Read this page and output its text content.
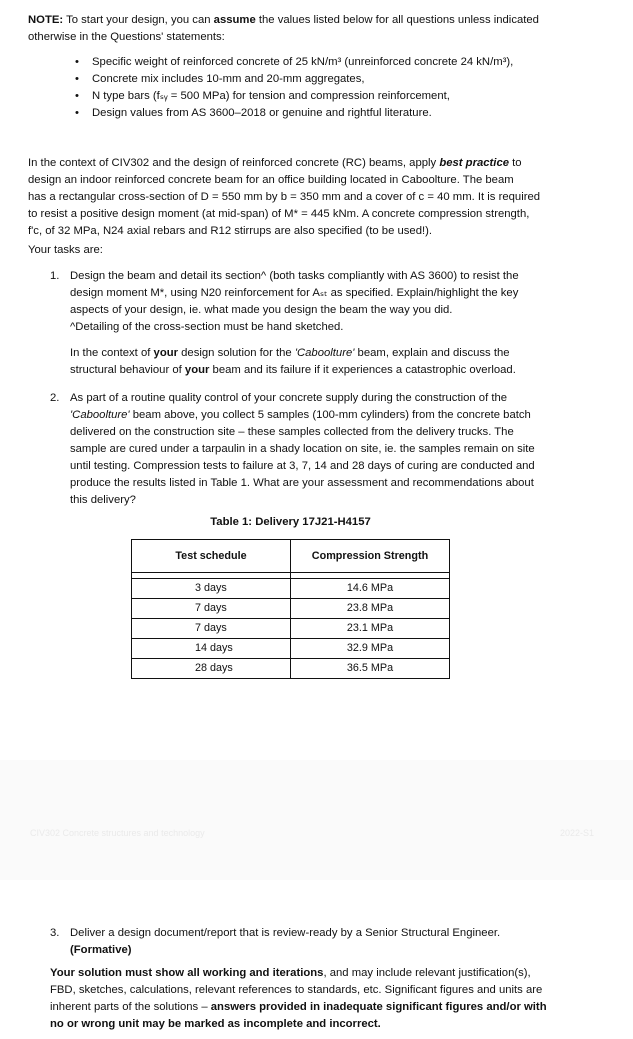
NOTE: To start your design, you can assume the values listed below for all questions unless indicated

otherwise in the Questions' statements:

• Specific weight of reinforced concrete of 25 kN/m³ (unreinforced concrete 24 kN/m³),
• Concrete mix includes 10-mm and 20-mm aggregates,
• N type bars (fₛᵧ = 500 MPa) for tension and compression reinforcement,
• Design values from AS 3600–2018 or genuine and rightful literature.

In the context of CIV302 and the design of reinforced concrete (RC) beams, apply best practice to

design an indoor reinforced concrete beam for an office building located in Caboolture. The beam

has a rectangular cross-section of D = 550 mm by b = 350 mm and a cover of c = 40 mm. It is required

to resist a positive design moment (at mid-span) of M* = 445 kNm. A concrete compression strength,

f'c, of 32 MPa, N24 axial rebars and R12 stirrups are also specified (to be used!).

Your tasks are:

1. Design the beam and detail its section^ (both tasks compliantly with AS 3600) to resist the

design moment M*, using N20 reinforcement for Aₛₜ as specified. Explain/highlight the key

aspects of your design, ie. what made you design the beam the way you did.

^Detailing of the cross-section must be hand sketched.

In the context of your design solution for the 'Caboolture' beam, explain and discuss the

structural behaviour of your beam and its failure if it experiences a catastrophic overload.

2. As part of a routine quality control of your concrete supply during the construction of the

'Caboolture' beam above, you collect 5 samples (100-mm cylinders) from the concrete batch

delivered on the construction site – these samples collected from the delivery trucks. The

sample are cured under a tarpaulin in a shady location on site, ie. the samples remain on site

until testing. Compression tests to failure at 3, 7, 14 and 28 days of curing are conducted and

produce the results listed in Table 1. What are your assessment and recommendations about

this delivery?

Table 1: Delivery 17J21-H4157
Test schedule	Compression Strength

3 days	14.6 MPa
7 days	23.8 MPa
7 days	23.1 MPa
14 days	32.9 MPa
28 days	36.5 MPa
CIV302 Concrete structures and technology	2022-S1
3. Deliver a design document/report that is review-ready by a Senior Structural Engineer.

(Formative)

Your solution must show all working and iterations, and may include relevant justification(s),

FBD, sketches, calculations, relevant references to standards, etc. Significant figures and units are

inherent parts of the solutions – answers provided in inadequate significant figures and/or with

no or wrong unit may be marked as incomplete and incorrect.
